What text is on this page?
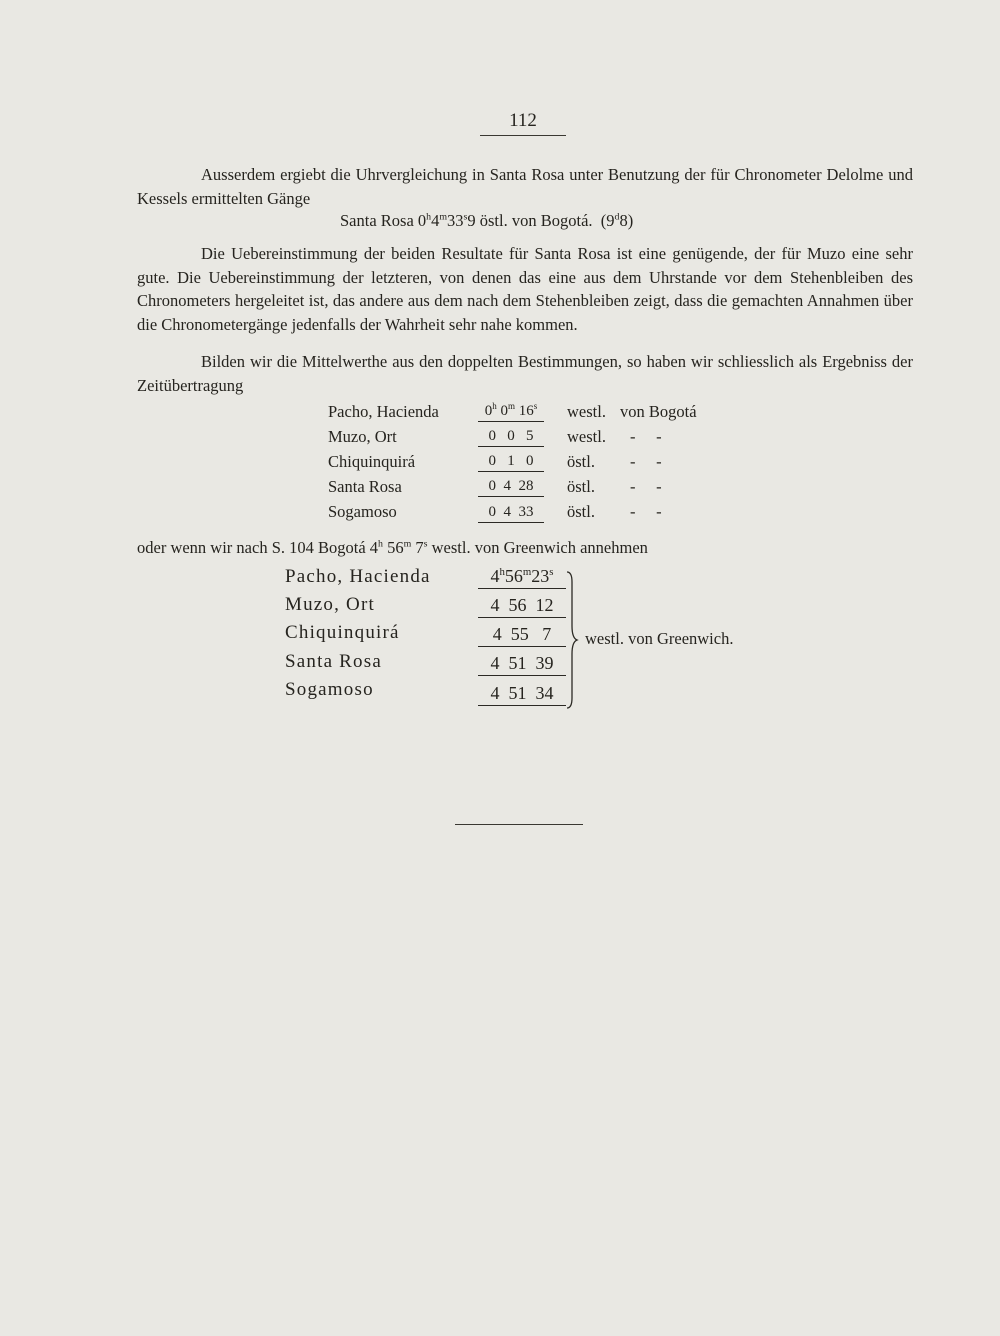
112
Ausserdem ergiebt die Uhrvergleichung in Santa Rosa unter Benutzung der für Chronometer Delolme und Kessels ermittelten Gänge
Santa Rosa 0$^h$4$^m$33$^s$9 östl. von Bogotá. (9$^d$8)
Die Uebereinstimmung der beiden Resultate für Santa Rosa ist eine genügende, der für Muzo eine sehr gute. Die Uebereinstimmung der letzteren, von denen das eine aus dem Uhrstande vor dem Stehenbleiben des Chronometers hergeleitet ist, das andere aus dem nach dem Stehenbleiben zeigt, dass die gemachten Annahmen über die Chronometergänge jedenfalls der Wahrheit sehr nahe kommen.
Bilden wir die Mittelwerthe aus den doppelten Bestimmungen, so haben wir schliesslich als Ergebniss der Zeitübertragung
Pacho, Hacienda	0$^h$ 0$^m$ 16$^s$	westl. von Bogotá
Muzo, Ort	0 0 5	westl. -     -
Chiquinquirá	0 1 0	östl. -     -
Santa Rosa	0 4 28	östl. -     -
Sogamoso	0 4 33	östl. -     -
oder wenn wir nach S. 104 Bogotá 4$^h$ 56$^m$ 7$^s$ westl. von Greenwich annehmen
Pacho, Hacienda	4$^h$56$^m$23$^s$
Muzo, Ort	4 56 12
Chiquinquirá	4 55 7
Santa Rosa	4 51 39
Sogamoso	4 51 34
westl. von Greenwich.
